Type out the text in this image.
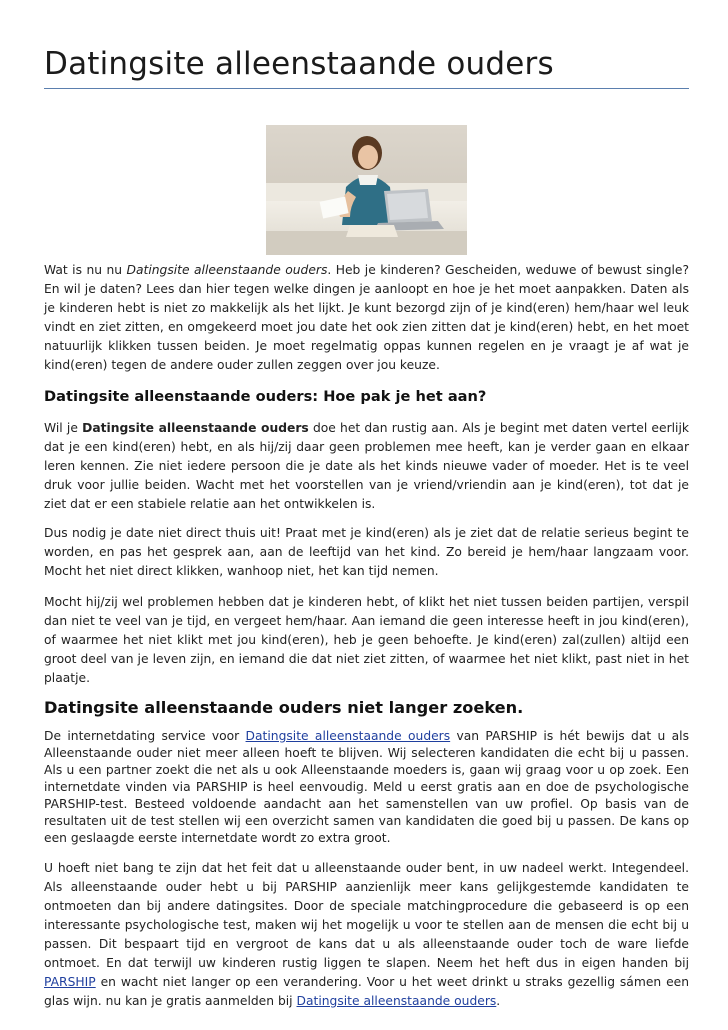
Datingsite alleenstaande ouders

Wat is nu nu Datingsite alleenstaande ouders. Heb je kinderen? Gescheiden, weduwe of bewust single? En wil je daten? Lees dan hier tegen welke dingen je aanloopt en hoe je het moet aanpakken. Daten als je kinderen hebt is niet zo makkelijk als het lijkt. Je kunt bezorgd zijn of je kind(eren) hem/haar wel leuk vindt en ziet zitten, en omgekeerd moet jou date het ook zien zitten dat je kind(eren) hebt, en het moet natuurlijk klikken tussen beiden. Je moet regelmatig oppas kunnen regelen en je vraagt je af wat je kind(eren) tegen de andere ouder zullen zeggen over jou keuze.

Datingsite alleenstaande ouders: Hoe pak je het aan?

Wil je Datingsite alleenstaande ouders doe het dan rustig aan. Als je begint met daten vertel eerlijk dat je een kind(eren) hebt, en als hij/zij daar geen problemen mee heeft, kan je verder gaan en elkaar leren kennen. Zie niet iedere persoon die je date als het kinds nieuwe vader of moeder. Het is te veel druk voor jullie beiden. Wacht met het voorstellen van je vriend/vriendin aan je kind(eren), tot dat je ziet dat er een stabiele relatie aan het ontwikkelen is.

Dus nodig je date niet direct thuis uit! Praat met je kind(eren) als je ziet dat de relatie serieus begint te worden, en pas het gesprek aan, aan de leeftijd van het kind. Zo bereid je hem/haar langzaam voor. Mocht het niet direct klikken, wanhoop niet, het kan tijd nemen.

Mocht hij/zij wel problemen hebben dat je kinderen hebt, of klikt het niet tussen beiden partijen, verspil dan niet te veel van je tijd, en vergeet hem/haar. Aan iemand die geen interesse heeft in jou kind(eren), of waarmee het niet klikt met jou kind(eren), heb je geen behoefte. Je kind(eren) zal(zullen) altijd een groot deel van je leven zijn, en iemand die dat niet ziet zitten, of waarmee het niet klikt, past niet in het plaatje.

Datingsite alleenstaande ouders niet langer zoeken.

De internetdating service voor Datingsite alleenstaande ouders van PARSHIP is hét bewijs dat u als Alleenstaande ouder niet meer alleen hoeft te blijven. Wij selecteren kandidaten die echt bij u passen. Als u een partner zoekt die net als u ook Alleenstaande moeders is, gaan wij graag voor u op zoek. Een internetdate vinden via PARSHIP is heel eenvoudig. Meld u eerst gratis aan en doe de psychologische PARSHIP-test. Besteed voldoende aandacht aan het samenstellen van uw profiel. Op basis van de resultaten uit de test stellen wij een overzicht samen van kandidaten die goed bij u passen. De kans op een geslaagde eerste internetdate wordt zo extra groot.

U hoeft niet bang te zijn dat het feit dat u alleenstaande ouder bent, in uw nadeel werkt. Integendeel. Als alleenstaande ouder hebt u bij PARSHIP aanzienlijk meer kans gelijkgestemde kandidaten te ontmoeten dan bij andere datingsites. Door de speciale matchingprocedure die gebaseerd is op een interessante psychologische test, maken wij het mogelijk u voor te stellen aan de mensen die echt bij u passen. Dit bespaart tijd en vergroot de kans dat u als alleenstaande ouder toch de ware liefde ontmoet. En dat terwijl uw kinderen rustig liggen te slapen. Neem het heft dus in eigen handen bij PARSHIP en wacht niet langer op een verandering. Voor u het weet drinkt u straks gezellig sámen een glas wijn. nu kan je gratis aanmelden bij Datingsite alleenstaande ouders.
